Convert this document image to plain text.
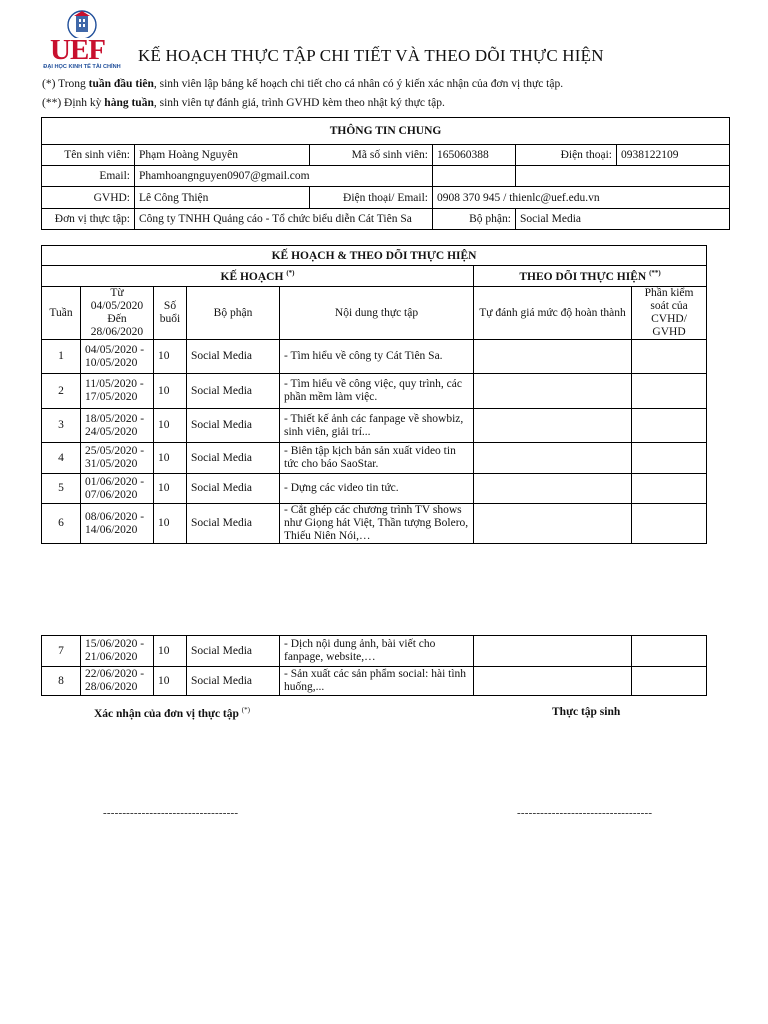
UEF
ĐẠI HỌC KINH TẾ TÀI CHÍNH
KẾ HOẠCH THỰC TẬP CHI TIẾT VÀ THEO DÕI THỰC HIỆN
(*) Trong tuần đầu tiên, sinh viên lập bảng kế hoạch chi tiết cho cá nhân có ý kiến xác nhận của đơn vị thực tập.
(**) Định kỳ hàng tuần, sinh viên tự đánh giá, trình GVHD kèm theo nhật ký thực tập.
THÔNG TIN CHUNG					
Tên sinh viên:	Phạm Hoàng Nguyên	Mã số sinh viên:	165060388	Điện thoại:	0938122109
Email:	Phamhoangnguyen0907@gmail.com				
GVHD:	Lê Công Thiện	Điện thoại/ Email:	0908 370 945 / thienlc@uef.edu.vn		
Đơn vị thực tập:	Công ty TNHH Quảng cáo - Tổ chức biểu diễn Cát Tiên Sa		Bộ phận:	Social Media	
KẾ HOẠCH & THEO DÕI THỰC HIỆN						
KẾ HOẠCH (*)					THEO DÕI THỰC HIỆN (**)
Tuần	Từ
04/05/2020
Đến
28/06/2020	Số buổi	Bộ phận	Nội dung thực tập	Tự đánh giá mức độ hoàn thành	Phần kiểm soát của CVHD/ GVHD
1	04/05/2020 - 10/05/2020	10	Social Media	- Tìm hiểu về công ty Cát Tiên Sa.		
2	11/05/2020 - 17/05/2020	10	Social Media	- Tìm hiểu về công việc, quy trình, các phần mềm làm việc.		
3	18/05/2020 - 24/05/2020	10	Social Media	- Thiết kế ảnh các fanpage về showbiz, sinh viên, giải trí...		
4	25/05/2020 - 31/05/2020	10	Social Media	- Biên tập kịch bản sản xuất video tin tức cho báo SaoStar.		
5	01/06/2020 - 07/06/2020	10	Social Media	- Dựng các video tin tức.		
6	08/06/2020 - 14/06/2020	10	Social Media	- Cắt ghép các chương trình TV shows như Giọng hát Việt, Thần tượng Bolero, Thiếu Niên Nói,…		
7	15/06/2020 - 21/06/2020	10	Social Media	- Dịch nội dung ảnh, bài viết cho fanpage, website,…		
8	22/06/2020 - 28/06/2020	10	Social Media	- Sản xuất các sản phẩm social: hài tình huống,...		
Xác nhận của đơn vị thực tập (*)	Thực tập sinh
-----------------------------------	-----------------------------------
